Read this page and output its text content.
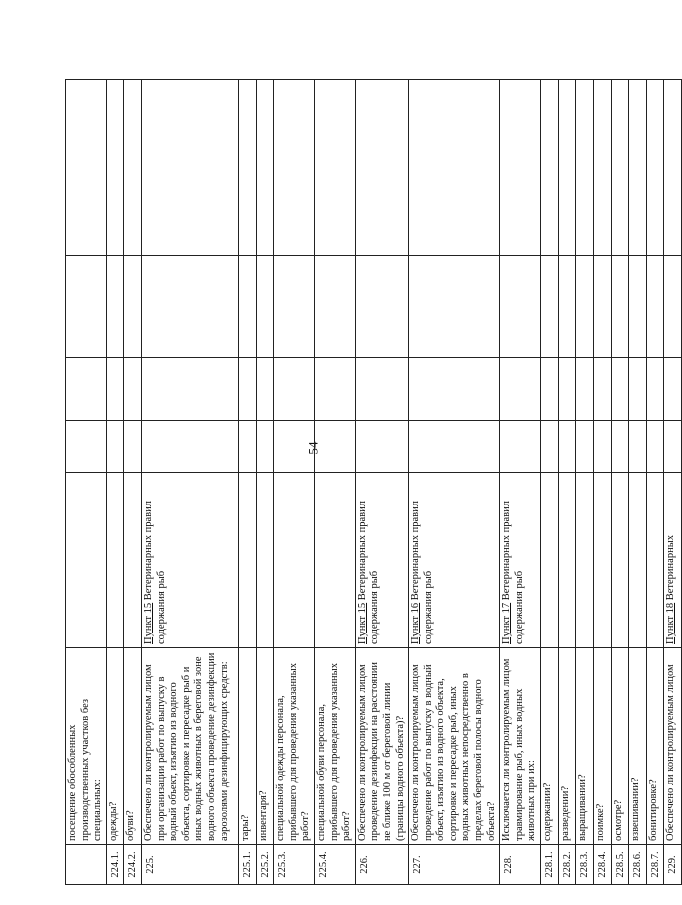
54
	посещение обособленных производственных участков без специальных:					
224.1.	одежды?					
224.2.	обуви?					
225.	Обеспечено ли контролируемым лицом при организации работ по выпуску в водный объект, изъятию из водного объекта, сортировке и пересадке рыб и иных водных животных в береговой зоне водного объекта проведение дезинфекции аэрозолями дезинфицирующих средств:	Пункт 15 Ветеринарных правил содержания рыб				
225.1.	тары?					
225.2.	инвентаря?					
225.3.	специальной одежды персонала, прибывшего для проведения указанных работ?					
225.4.	специальной обуви персонала, прибывшего для проведения указанных работ?					
226.	Обеспечено ли контролируемым лицом проведение дезинфекции на расстоянии не ближе 100 м от береговой линии (границы водного объекта)?	Пункт 15 Ветеринарных правил содержания рыб				
227.	Обеспечено ли контролируемым лицом проведение работ по выпуску в водный объект, изъятию из водного объекта, сортировке и пересадке рыб, иных водных животных непосредственно в пределах береговой полосы водного объекта?	Пункт 16 Ветеринарных правил содержания рыб				
228.	Исключается ли контролируемым лицом травмирование рыб, иных водных животных при их:	Пункт 17 Ветеринарных правил содержания рыб				
228.1.	содержании?					
228.2.	разведении?					
228.3.	выращивании?					
228.4.	поимке?					
228.5.	осмотре?					
228.6.	взвешивании?					
228.7.	бонитировке?					
229.	Обеспечено ли контролируемым лицом	Пункт 18 Ветеринарных				
